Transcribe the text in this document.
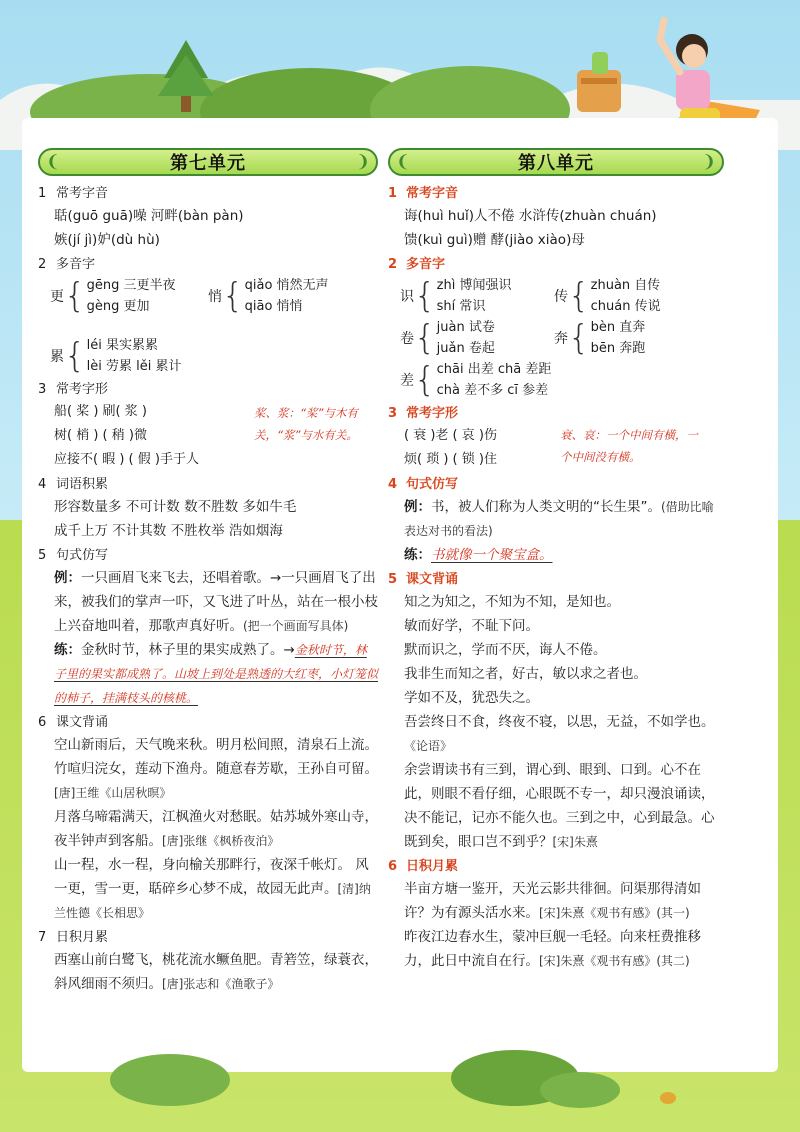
❨	第七单元	❩
1 常考字音
聒(guō guā)噪 河畔(bàn pàn)
嫉(jí jì)妒(dù hù)
2 多音字
更 { gēng 三更半夜
gèng 更加
悄 { qiǎo 悄然无声
qiāo 悄悄
累 { léi 果实累累
lèi 劳累 lěi 累计
3 常考字形
船( 桨 ) 刷( 浆 )
树( 梢 ) ( 稍 )微
应接不( 暇 ) ( 假 )手于人
桨、浆：“桨”与木有关，“浆”与水有关。
4 词语积累
形容数量多 不可计数 数不胜数 多如牛毛
成千上万 不计其数 不胜枚举 浩如烟海
5 句式仿写
例：一只画眉飞来飞去，还唱着歌。→一只画眉飞了出来，被我们的掌声一吓，又飞进了叶丛，站在一根小枝上兴奋地叫着，那歌声真好听。(把一个画面写具体)
练：金秋时节，林子里的果实成熟了。→金秋时节，林子里的果实都成熟了。山坡上到处是熟透的大红枣，小灯笼似的柿子，挂满枝头的核桃。
6 课文背诵
空山新雨后，天气晚来秋。明月松间照，清泉石上流。竹喧归浣女，莲动下渔舟。随意春芳歇，王孙自可留。[唐]王维《山居秋暝》
月落乌啼霜满天，江枫渔火对愁眠。姑苏城外寒山寺，夜半钟声到客船。[唐]张继《枫桥夜泊》
山一程，水一程，身向榆关那畔行，夜深千帐灯。 风一更，雪一更，聒碎乡心梦不成，故园无此声。[清]纳兰性德《长相思》
7 日积月累
西塞山前白鹭飞，桃花流水鳜鱼肥。青箬笠，绿蓑衣，斜风细雨不须归。[唐]张志和《渔歌子》
❨	第八单元	❩
1 常考字音
诲(huì huǐ)人不倦 水浒传(zhuàn chuán)
馈(kuì guì)赠 酵(jiào xiào)母
2 多音字
识 { zhì 博闻强识
shí 常识
传 { zhuàn 自传
chuán 传说
卷 { juàn 试卷
juǎn 卷起
奔 { bèn 直奔
bēn 奔跑
差 { chāi 出差 chā 差距
chà 差不多 cī 参差
3 常考字形
( 衰 )老 ( 哀 )伤
烦( 琐 ) ( 锁 )住
衰、哀：一个中间有横，一个中间没有横。
4 句式仿写
例：书，被人们称为人类文明的“长生果”。(借助比喻表达对书的看法)
练：书就像一个聚宝盒。
5 课文背诵
知之为知之，不知为不知，是知也。
敏而好学，不耻下问。
默而识之，学而不厌，诲人不倦。
我非生而知之者，好古，敏以求之者也。
学如不及，犹恐失之。
吾尝终日不食，终夜不寝，以思，无益，不如学也。《论语》
余尝谓读书有三到，谓心到、眼到、口到。心不在此，则眼不看仔细，心眼既不专一，却只漫浪诵读，决不能记，记亦不能久也。三到之中，心到最急。心既到矣，眼口岂不到乎？[宋]朱熹
6 日积月累
半亩方塘一鉴开，天光云影共徘徊。问渠那得清如许？为有源头活水来。[宋]朱熹《观书有感》(其一)
昨夜江边春水生，蒙冲巨舰一毛轻。向来枉费推移力，此日中流自在行。[宋]朱熹《观书有感》(其二)
